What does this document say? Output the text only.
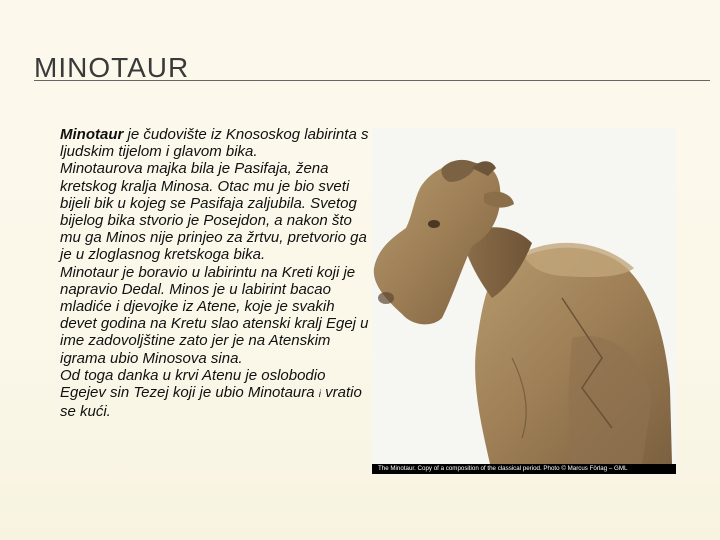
MINOTAUR

Minotaur je čudovište iz Knososkog labirinta s ljudskim tijelom i glavom bika.

Minotaurova majka bila je Pasifaja, žena kretskog kralja Minosa. Otac mu je bio sveti bijeli bik u kojeg se Pasifaja zaljubila. Svetog bijelog bika stvorio je Posejdon, a nakon što mu ga Minos nije prinjeo za žrtvu, pretvorio ga je u zloglasnog kretskoga bika.

Minotaur je boravio u labirintu na Kreti koji je napravio Dedal. Minos je u labirint bacao mladiće i djevojke iz Atene, koje je svakih devet godina na Kretu slao atenski kralj Egej u ime zadovoljštine zato jer je na Atenskim igrama ubio Minosova sina.

Od toga danka u krvi Atenu je oslobodio Egejev sin Tezej koji je ubio Minotaura i vratio se kući.

The Minotaur. Copy of a composition of the classical period. Photo © Marcus Förlag – GML
